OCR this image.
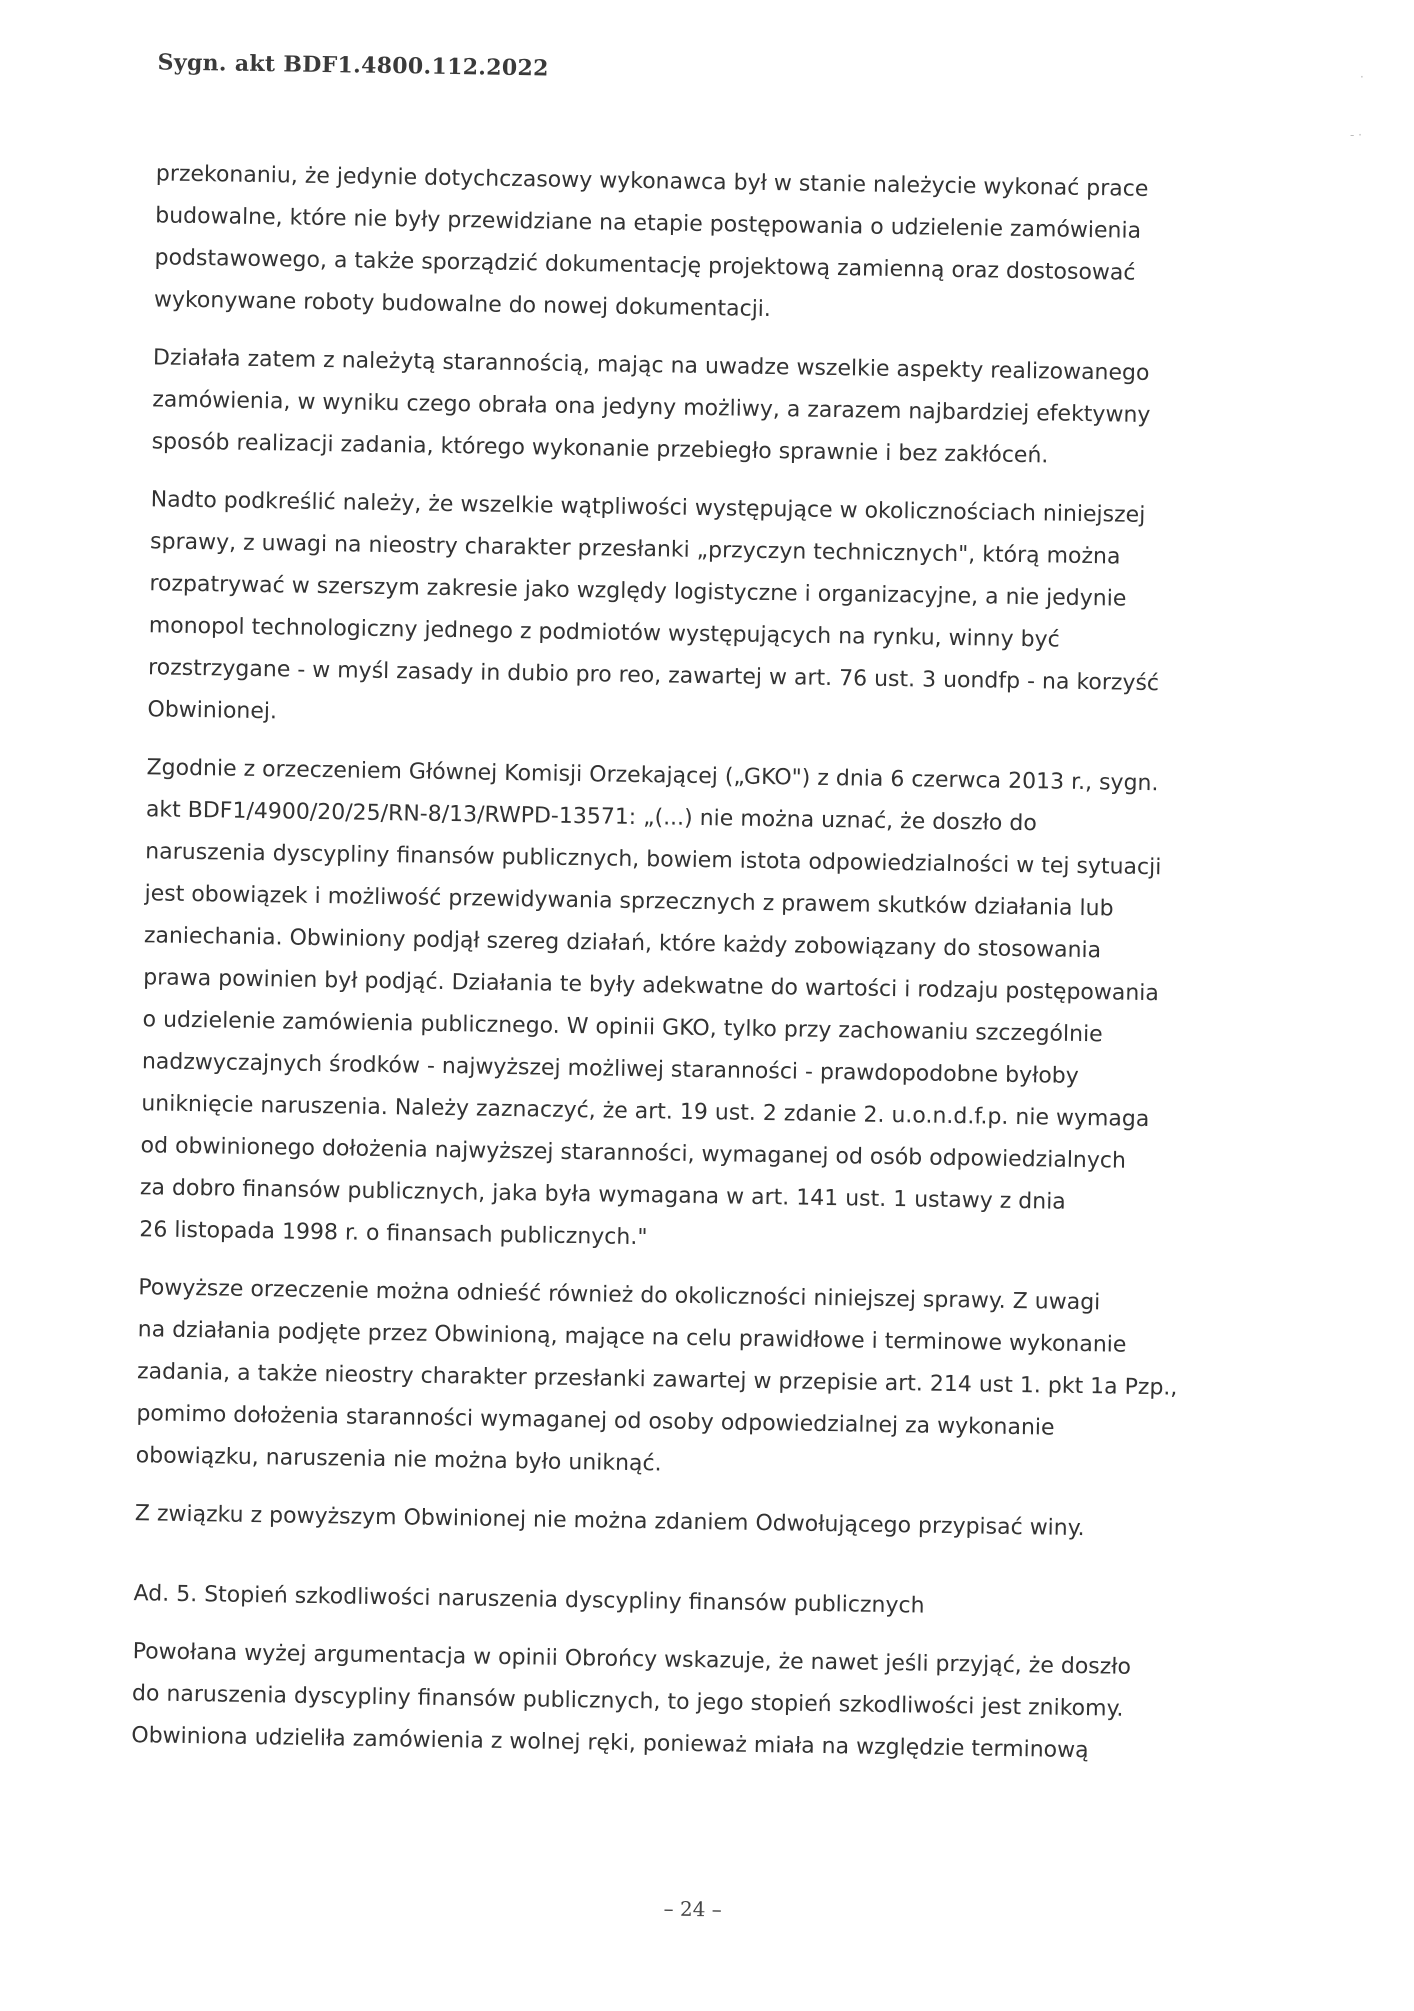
Sygn. akt BDF1.4800.112.2022

przekonaniu, że jedynie dotychczasowy wykonawca był w stanie należycie wykonać prace
budowalne, które nie były przewidziane na etapie postępowania o udzielenie zamówienia
podstawowego, a także sporządzić dokumentację projektową zamienną oraz dostosować
wykonywane roboty budowalne do nowej dokumentacji.

Działała zatem z należytą starannością, mając na uwadze wszelkie aspekty realizowanego
zamówienia, w wyniku czego obrała ona jedyny możliwy, a zarazem najbardziej efektywny
sposób realizacji zadania, którego wykonanie przebiegło sprawnie i bez zakłóceń.

Nadto podkreślić należy, że wszelkie wątpliwości występujące w okolicznościach niniejszej
sprawy, z uwagi na nieostry charakter przesłanki „przyczyn technicznych", którą można
rozpatrywać w szerszym zakresie jako względy logistyczne i organizacyjne, a nie jedynie
monopol technologiczny jednego z podmiotów występujących na rynku, winny być
rozstrzygane - w myśl zasady in dubio pro reo, zawartej w art. 76 ust. 3 uondfp - na korzyść
Obwinionej.

Zgodnie z orzeczeniem Głównej Komisji Orzekającej („GKO") z dnia 6 czerwca 2013 r., sygn.
akt BDF1/4900/20/25/RN-8/13/RWPD-13571: „(...) nie można uznać, że doszło do
naruszenia dyscypliny finansów publicznych, bowiem istota odpowiedzialności w tej sytuacji
jest obowiązek i możliwość przewidywania sprzecznych z prawem skutków działania lub
zaniechania. Obwiniony podjął szereg działań, które każdy zobowiązany do stosowania
prawa powinien był podjąć. Działania te były adekwatne do wartości i rodzaju postępowania
o udzielenie zamówienia publicznego. W opinii GKO, tylko przy zachowaniu szczególnie
nadzwyczajnych środków - najwyższej możliwej staranności - prawdopodobne byłoby
uniknięcie naruszenia. Należy zaznaczyć, że art. 19 ust. 2 zdanie 2. u.o.n.d.f.p. nie wymaga
od obwinionego dołożenia najwyższej staranności, wymaganej od osób odpowiedzialnych
za dobro finansów publicznych, jaka była wymagana w art. 141 ust. 1 ustawy z dnia
26 listopada 1998 r. o finansach publicznych."

Powyższe orzeczenie można odnieść również do okoliczności niniejszej sprawy. Z uwagi
na działania podjęte przez Obwinioną, mające na celu prawidłowe i terminowe wykonanie
zadania, a także nieostry charakter przesłanki zawartej w przepisie art. 214 ust 1. pkt 1a Pzp.,
pomimo dołożenia staranności wymaganej od osoby odpowiedzialnej za wykonanie
obowiązku, naruszenia nie można było uniknąć.

Z związku z powyższym Obwinionej nie można zdaniem Odwołującego przypisać winy.

Ad. 5. Stopień szkodliwości naruszenia dyscypliny finansów publicznych

Powołana wyżej argumentacja w opinii Obrońcy wskazuje, że nawet jeśli przyjąć, że doszło
do naruszenia dyscypliny finansów publicznych, to jego stopień szkodliwości jest znikomy.
Obwiniona udzieliła zamówienia z wolnej ręki, ponieważ miała na względzie terminową

– 24 –
·
- ·
